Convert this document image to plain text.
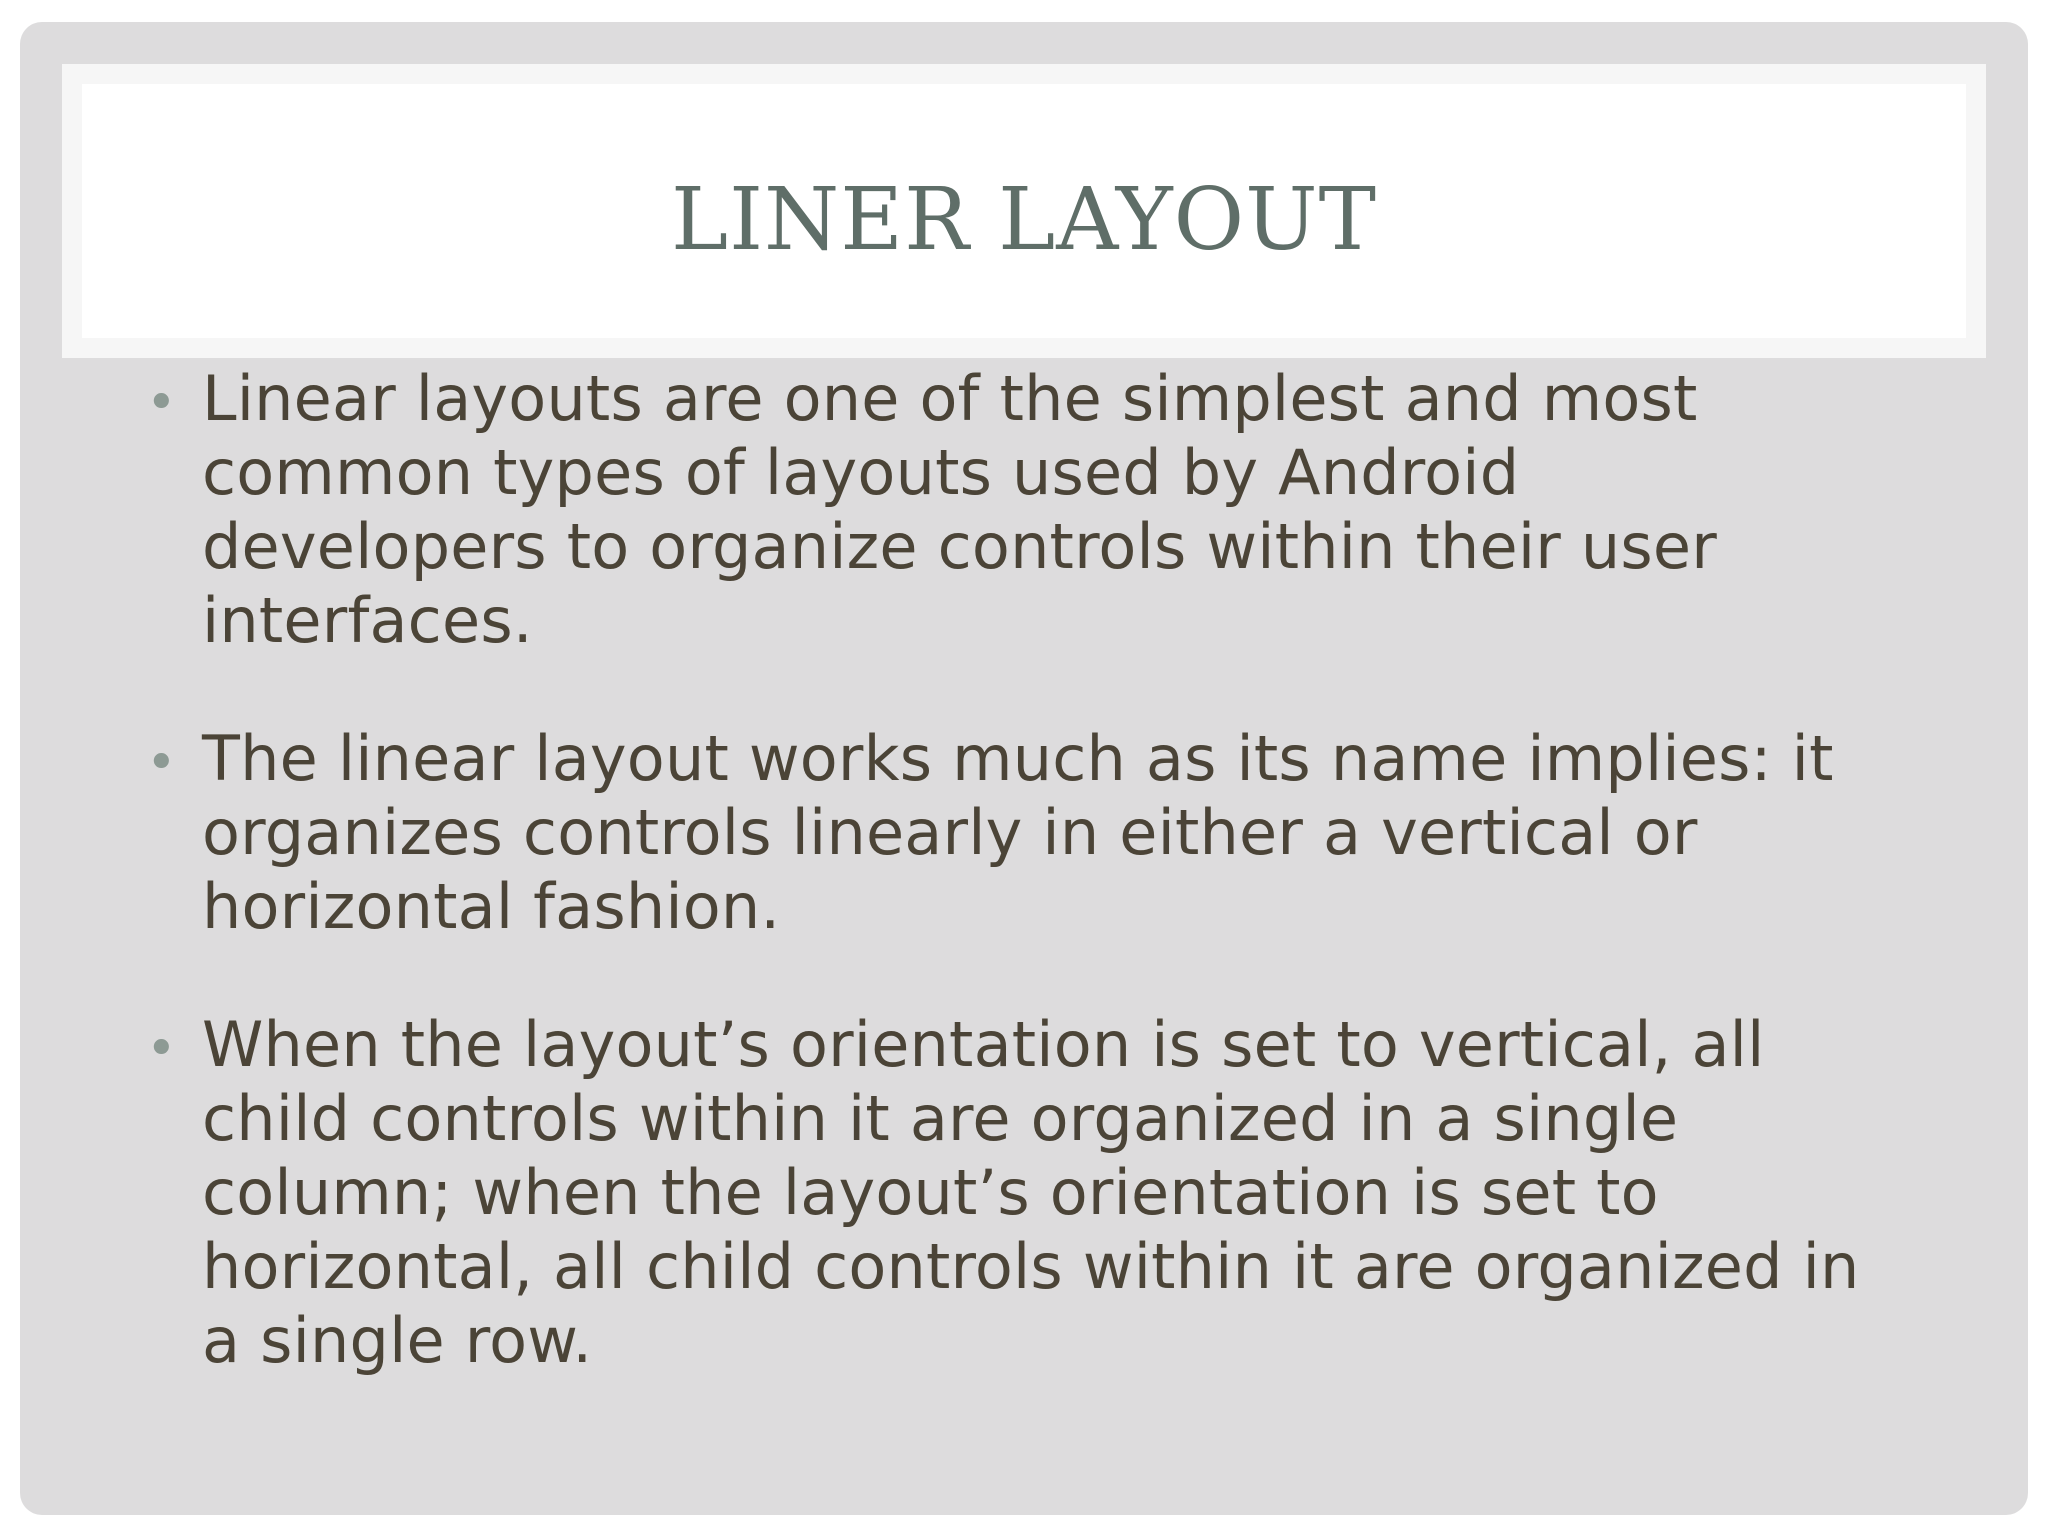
LINER LAYOUT
• Linear layouts are one of the simplest and most
common types of layouts used by Android
developers to organize controls within their user
interfaces.
• The linear layout works much as its name implies: it
organizes controls linearly in either a vertical or
horizontal fashion.
• When the layout’s orientation is set to vertical, all
child controls within it are organized in a single
column; when the layout’s orientation is set to
horizontal, all child controls within it are organized in
a single row.
